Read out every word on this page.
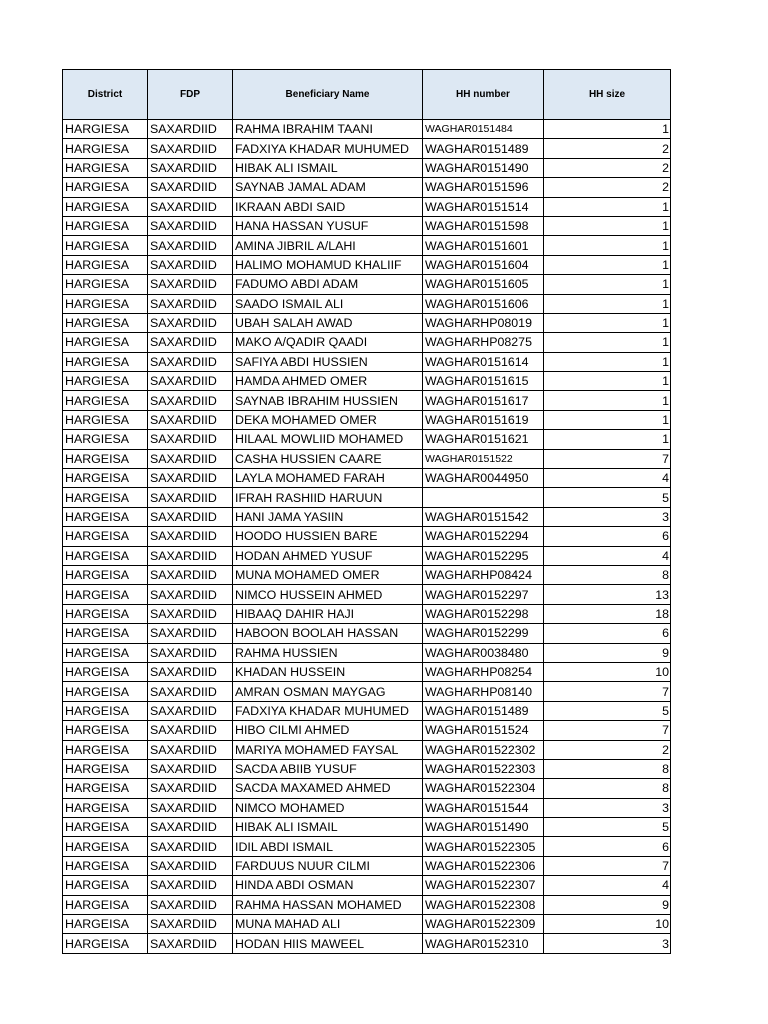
District	FDP	Beneficiary Name	HH number	HH size
HARGIESA	SAXARDIID	RAHMA IBRAHIM TAANI	WAGHAR0151484	1
HARGIESA	SAXARDIID	FADXIYA KHADAR MUHUMED	WAGHAR0151489	2
HARGIESA	SAXARDIID	HIBAK ALI ISMAIL	WAGHAR0151490	2
HARGIESA	SAXARDIID	SAYNAB JAMAL ADAM	WAGHAR0151596	2
HARGIESA	SAXARDIID	IKRAAN ABDI SAID	WAGHAR0151514	1
HARGIESA	SAXARDIID	HANA HASSAN YUSUF	WAGHAR0151598	1
HARGIESA	SAXARDIID	AMINA JIBRIL A/LAHI	WAGHAR0151601	1
HARGIESA	SAXARDIID	HALIMO MOHAMUD KHALIIF	WAGHAR0151604	1
HARGIESA	SAXARDIID	FADUMO ABDI ADAM	WAGHAR0151605	1
HARGIESA	SAXARDIID	SAADO ISMAIL ALI	WAGHAR0151606	1
HARGIESA	SAXARDIID	UBAH SALAH AWAD	WAGHARHP08019	1
HARGIESA	SAXARDIID	MAKO A/QADIR QAADI	WAGHARHP08275	1
HARGIESA	SAXARDIID	SAFIYA ABDI HUSSIEN	WAGHAR0151614	1
HARGIESA	SAXARDIID	HAMDA AHMED OMER	WAGHAR0151615	1
HARGIESA	SAXARDIID	SAYNAB IBRAHIM HUSSIEN	WAGHAR0151617	1
HARGIESA	SAXARDIID	DEKA MOHAMED OMER	WAGHAR0151619	1
HARGIESA	SAXARDIID	HILAAL MOWLIID MOHAMED	WAGHAR0151621	1
HARGEISA	SAXARDIID	CASHA HUSSIEN CAARE	WAGHAR0151522	7
HARGEISA	SAXARDIID	LAYLA MOHAMED FARAH	WAGHAR0044950	4
HARGEISA	SAXARDIID	IFRAH RASHIID HARUUN		5
HARGEISA	SAXARDIID	HANI JAMA YASIIN	WAGHAR0151542	3
HARGEISA	SAXARDIID	HOODO HUSSIEN BARE	WAGHAR0152294	6
HARGEISA	SAXARDIID	HODAN AHMED YUSUF	WAGHAR0152295	4
HARGEISA	SAXARDIID	MUNA MOHAMED OMER	WAGHARHP08424	8
HARGEISA	SAXARDIID	NIMCO HUSSEIN AHMED	WAGHAR0152297	13
HARGEISA	SAXARDIID	HIBAAQ DAHIR HAJI	WAGHAR0152298	18
HARGEISA	SAXARDIID	HABOON BOOLAH HASSAN	WAGHAR0152299	6
HARGEISA	SAXARDIID	RAHMA HUSSIEN	WAGHAR0038480	9
HARGEISA	SAXARDIID	KHADAN HUSSEIN	WAGHARHP08254	10
HARGEISA	SAXARDIID	AMRAN OSMAN MAYGAG	WAGHARHP08140	7
HARGEISA	SAXARDIID	FADXIYA KHADAR MUHUMED	WAGHAR0151489	5
HARGEISA	SAXARDIID	HIBO CILMI AHMED	WAGHAR0151524	7
HARGEISA	SAXARDIID	MARIYA MOHAMED FAYSAL	WAGHAR01522302	2
HARGEISA	SAXARDIID	SACDA ABIIB YUSUF	WAGHAR01522303	8
HARGEISA	SAXARDIID	SACDA MAXAMED AHMED	WAGHAR01522304	8
HARGEISA	SAXARDIID	NIMCO MOHAMED	WAGHAR0151544	3
HARGEISA	SAXARDIID	HIBAK ALI ISMAIL	WAGHAR0151490	5
HARGEISA	SAXARDIID	IDIL ABDI ISMAIL	WAGHAR01522305	6
HARGEISA	SAXARDIID	FARDUUS NUUR CILMI	WAGHAR01522306	7
HARGEISA	SAXARDIID	HINDA ABDI OSMAN	WAGHAR01522307	4
HARGEISA	SAXARDIID	RAHMA HASSAN MOHAMED	WAGHAR01522308	9
HARGEISA	SAXARDIID	MUNA MAHAD ALI	WAGHAR01522309	10
HARGEISA	SAXARDIID	HODAN HIIS MAWEEL	WAGHAR0152310	3
